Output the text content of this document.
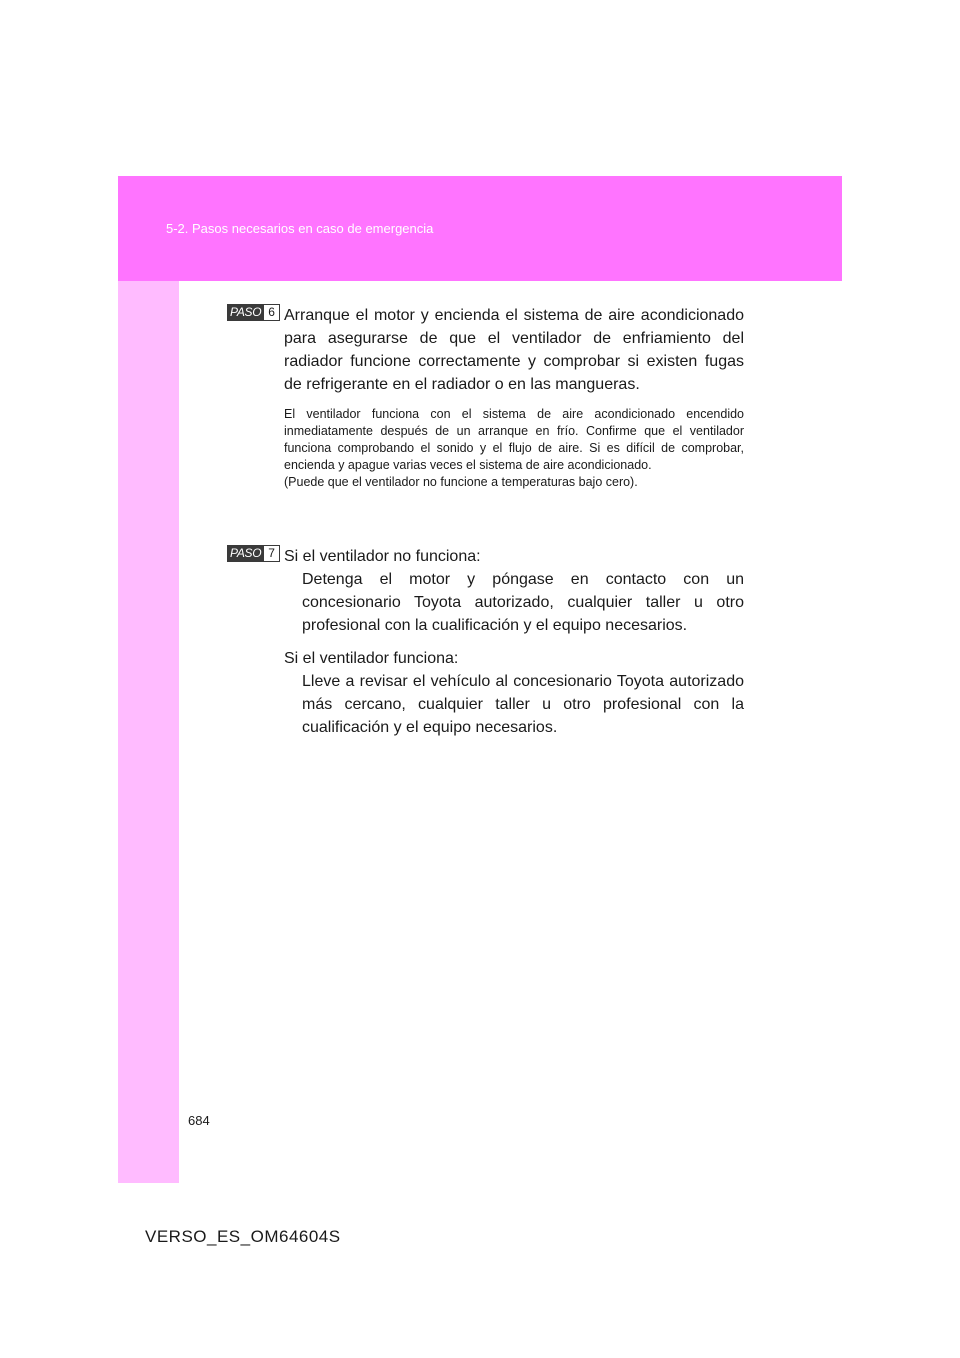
5-2. Pasos necesarios en caso de emergencia
PASO 6 Arranque el motor y encienda el sistema de aire acondicionado para asegurarse de que el ventilador de enfriamiento del radiador funcione correctamente y comprobar si existen fugas de refrigerante en el radiador o en las mangueras.

El ventilador funciona con el sistema de aire acondicionado encendido inmediatamente después de un arranque en frío. Confirme que el ventilador funciona comprobando el sonido y el flujo de aire. Si es difícil de comprobar, encienda y apague varias veces el sistema de aire acondicionado.

(Puede que el ventilador no funcione a temperaturas bajo cero).

PASO 7 Si el ventilador no funciona:

Detenga el motor y póngase en contacto con un concesionario Toyota autorizado, cualquier taller u otro profesional con la cualificación y el equipo necesarios.

Si el ventilador funciona:

Lleve a revisar el vehículo al concesionario Toyota autorizado más cercano, cualquier taller u otro profesional con la cualificación y el equipo necesarios.

684
VERSO_ES_OM64604S
